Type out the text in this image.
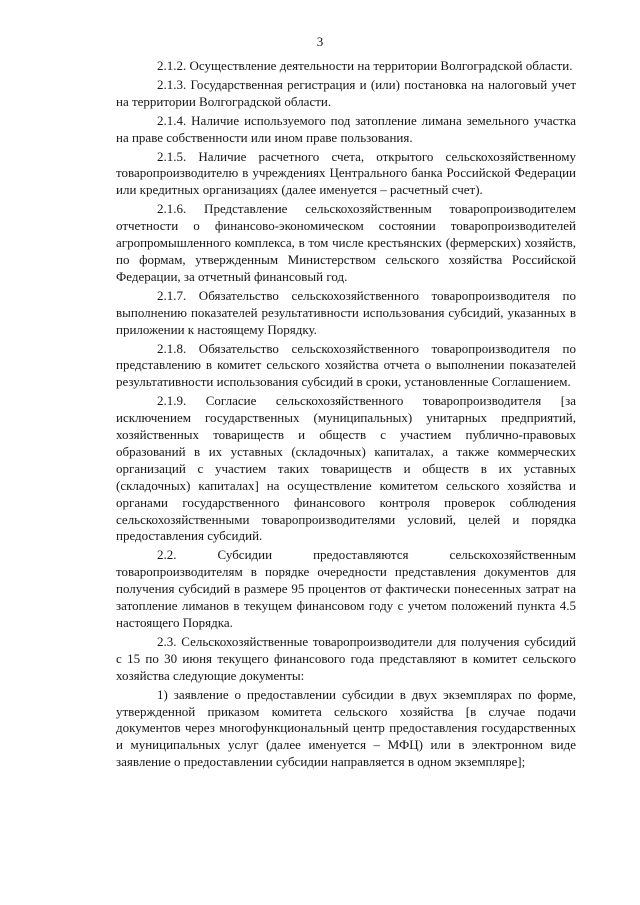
3

2.1.2. Осуществление деятельности на территории Волгоградской области.

2.1.3. Государственная регистрация и (или) постановка на налоговый учет на территории Волгоградской области.

2.1.4. Наличие используемого под затопление лимана земельного участка на праве собственности или ином праве пользования.

2.1.5. Наличие расчетного счета, открытого сельскохозяйственному товаропроизводителю в учреждениях Центрального банка Российской Федерации или кредитных организациях (далее именуется – расчетный счет).

2.1.6. Представление сельскохозяйственным товаропроизводителем отчетности о финансово-экономическом состоянии товаропроизводителей агропромышленного комплекса, в том числе крестьянских (фермерских) хозяйств, по формам, утвержденным Министерством сельского хозяйства Российской Федерации, за отчетный финансовый год.

2.1.7. Обязательство сельскохозяйственного товаропроизводителя по выполнению показателей результативности использования субсидий, указанных в приложении к настоящему Порядку.

2.1.8. Обязательство сельскохозяйственного товаропроизводителя по представлению в комитет сельского хозяйства отчета о выполнении показателей результативности использования субсидий в сроки, установленные Соглашением.

2.1.9. Согласие сельскохозяйственного товаропроизводителя [за исключением государственных (муниципальных) унитарных предприятий, хозяйственных товариществ и обществ с участием публично-правовых образований в их уставных (складочных) капиталах, а также коммерческих организаций с участием таких товариществ и обществ в их уставных (складочных) капиталах] на осуществление комитетом сельского хозяйства и органами государственного финансового контроля проверок соблюдения сельскохозяйственными товаропроизводителями условий, целей и порядка предоставления субсидий.

2.2. Субсидии предоставляются сельскохозяйственным товаропроизводителям в порядке очередности представления документов для получения субсидий в размере 95 процентов от фактически понесенных затрат на затопление лиманов в текущем финансовом году с учетом положений пункта 4.5 настоящего Порядка.

2.3. Сельскохозяйственные товаропроизводители для получения субсидий с 15 по 30 июня текущего финансового года представляют в комитет сельского хозяйства следующие документы:

1) заявление о предоставлении субсидии в двух экземплярах по форме, утвержденной приказом комитета сельского хозяйства [в случае подачи документов через многофункциональный центр предоставления государственных и муниципальных услуг (далее именуется – МФЦ) или в электронном виде заявление о предоставлении субсидии направляется в одном экземпляре];
